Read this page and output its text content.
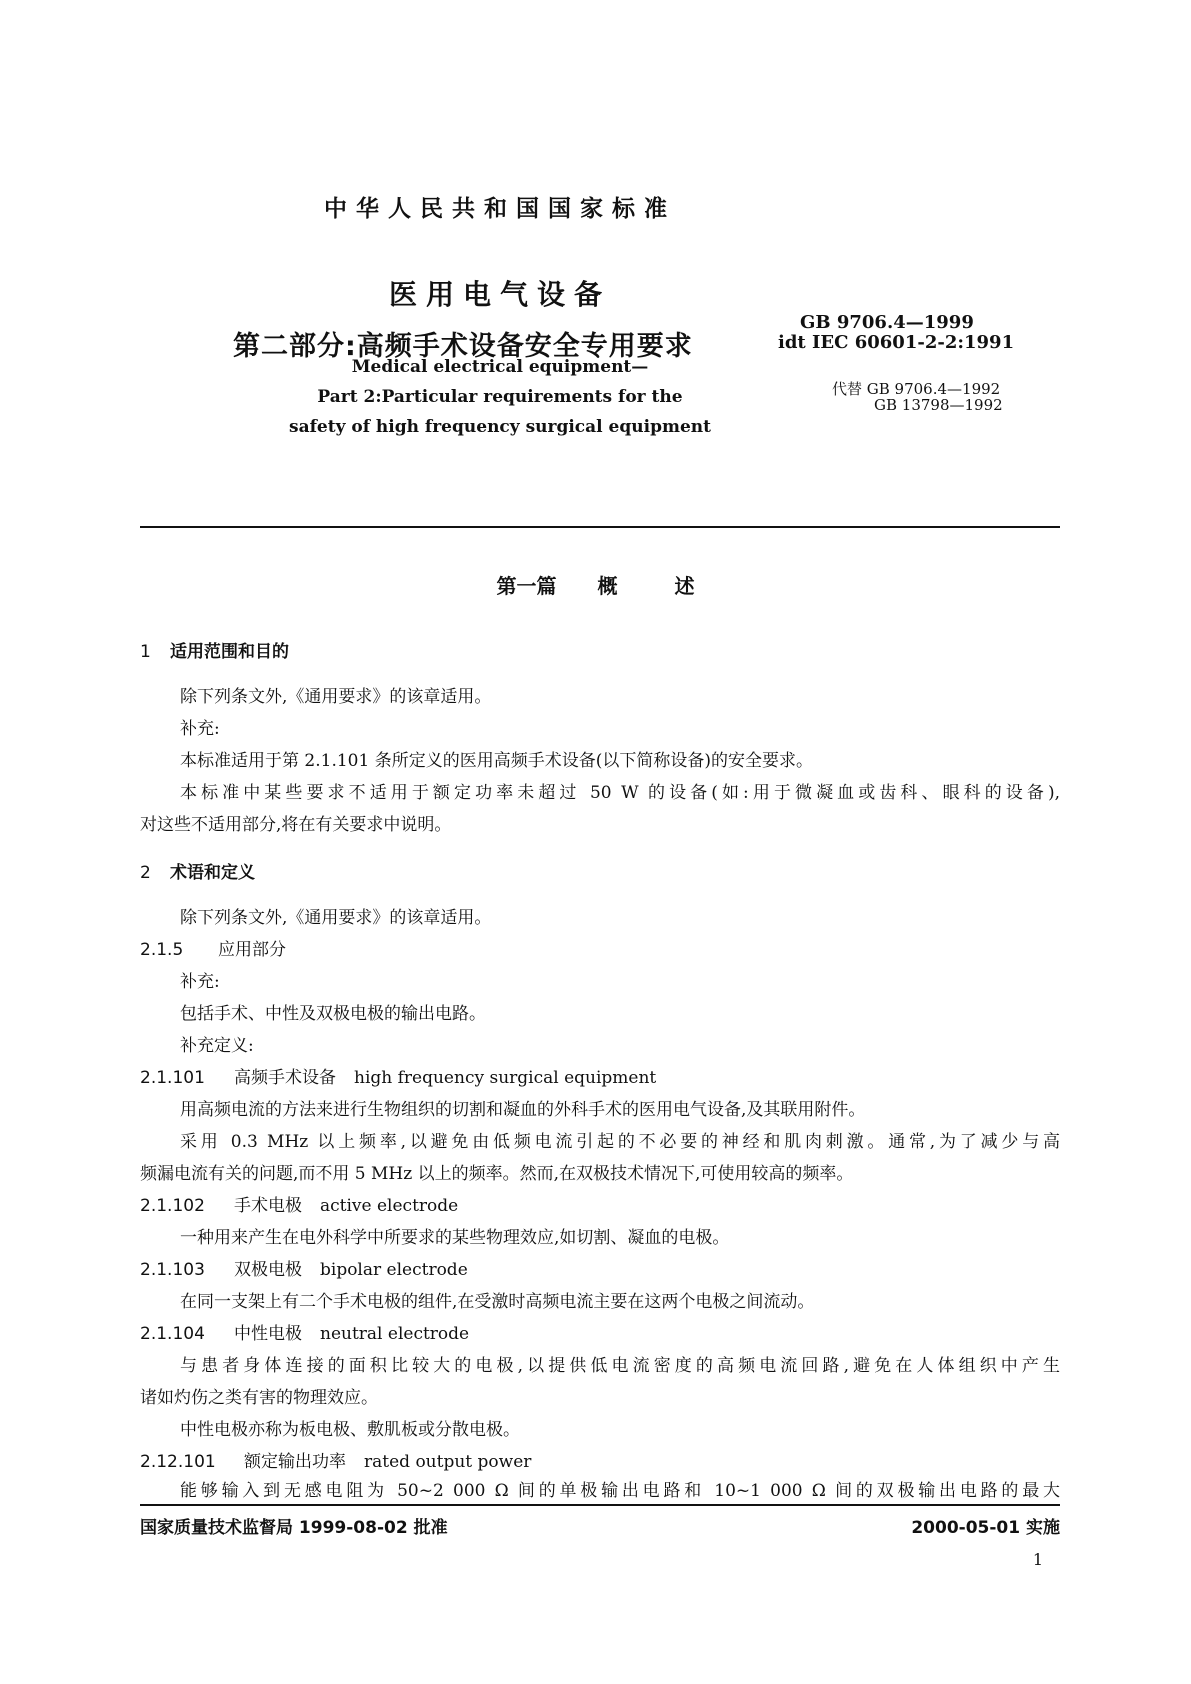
中华人民共和国国家标准
医用电气设备
第二部分:高频手术设备安全专用要求
Medical electrical equipment—
Part 2:Particular requirements for the
safety of high frequency surgical equipment
GB 9706.4—1999
idt IEC 60601-2-2:1991
代替 GB 9706.4—1992
GB 13798—1992
第一篇 概	述
1 适用范围和目的
除下列条文外,《通用要求》的该章适用。
补充:
本标准适用于第 2.1.101 条所定义的医用高频手术设备(以下简称设备)的安全要求。
本标准中某些要求不适用于额定功率未超过 50 W 的设备(如:用于微凝血或齿科、眼科的设备),
对这些不适用部分,将在有关要求中说明。
2 术语和定义
除下列条文外,《通用要求》的该章适用。
2.1.5 应用部分
补充:
包括手术、中性及双极电极的输出电路。
补充定义:
2.1.101 高频手术设备 high frequency surgical equipment
用高频电流的方法来进行生物组织的切割和凝血的外科手术的医用电气设备,及其联用附件。
采用 0.3 MHz 以上频率,以避免由低频电流引起的不必要的神经和肌肉刺激。通常,为了减少与高
频漏电流有关的问题,而不用 5 MHz 以上的频率。然而,在双极技术情况下,可使用较高的频率。
2.1.102 手术电极 active electrode
一种用来产生在电外科学中所要求的某些物理效应,如切割、凝血的电极。
2.1.103 双极电极 bipolar electrode
在同一支架上有二个手术电极的组件,在受激时高频电流主要在这两个电极之间流动。
2.1.104 中性电极 neutral electrode
与患者身体连接的面积比较大的电极,以提供低电流密度的高频电流回路,避免在人体组织中产生
诸如灼伤之类有害的物理效应。
中性电极亦称为板电极、敷肌板或分散电极。
2.12.101 额定输出功率 rated output power
能够输入到无感电阻为 50~2 000 Ω 间的单极输出电路和 10~1 000 Ω 间的双极输出电路的最大
国家质量技术监督局 1999-08-02 批准	2000-05-01 实施
1
